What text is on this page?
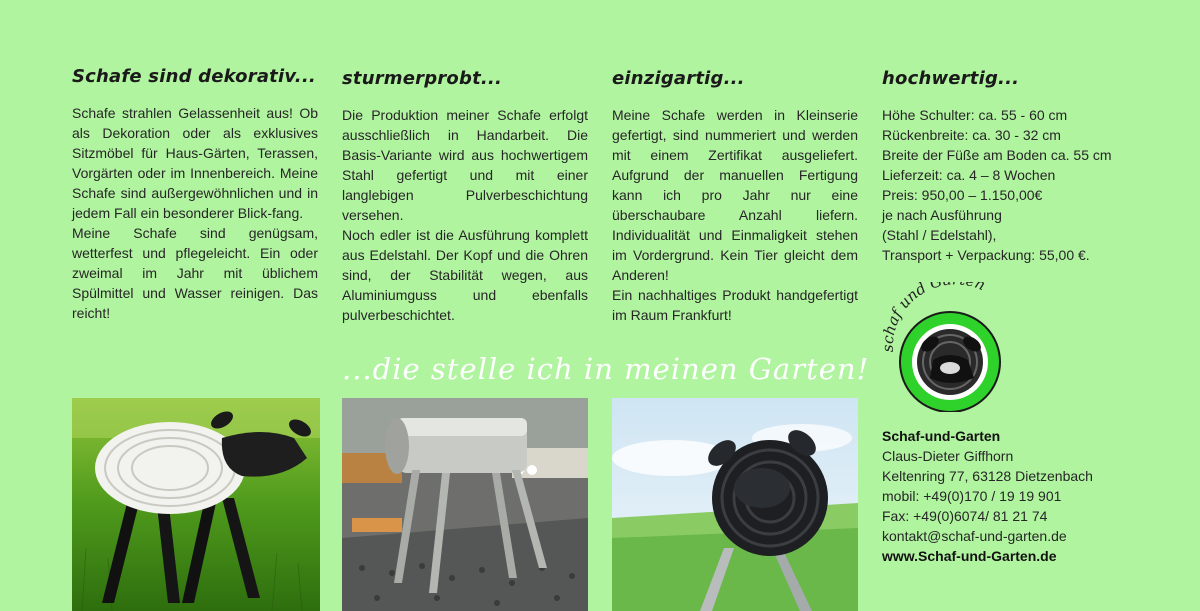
Schafe sind dekorativ...

Schafe strahlen Gelassenheit aus! Ob als Dekoration oder als exklusives Sitzmöbel für Haus-Gärten, Terassen, Vorgärten oder im Innenbereich. Meine Schafe sind außergewöhnlichen und in jedem Fall ein besonderer Blick-fang.
Meine Schafe sind genügsam, wetterfest und pflegeleicht. Ein oder zweimal im Jahr mit üblichem Spülmittel und Wasser reinigen. Das reicht!

sturmerprobt...

Die Produktion meiner Schafe erfolgt ausschließlich in Handarbeit. Die Basis-Variante wird aus hochwertigem Stahl gefertigt und mit einer langlebigen Pulverbeschichtung versehen.
Noch edler ist die Ausführung komplett aus Edelstahl. Der Kopf und die Ohren sind, der Stabilität wegen, aus Aluminiumguss und ebenfalls pulverbeschichtet.

einzigartig...

Meine Schafe werden in Kleinserie gefertigt, sind nummeriert und werden mit einem Zertifikat ausgeliefert. Aufgrund der manuellen Fertigung kann ich pro Jahr nur eine überschaubare Anzahl liefern. Individualität und Einmaligkeit stehen im Vordergrund. Kein Tier gleicht dem Anderen!
Ein nachhaltiges Produkt handgefertigt im Raum Frankfurt!

hochwertig...

Höhe Schulter: ca. 55 - 60 cm
Rückenbreite: ca. 30 - 32 cm
Breite der Füße am Boden ca. 55 cm
Lieferzeit: ca. 4 – 8 Wochen
Preis: 950,00 – 1.150,00€
je nach Ausführung
(Stahl / Edelstahl),
Transport + Verpackung: 55,00 €.

...die stelle ich in meinen Garten!
schaf und G n
Schaf-und-Garten
Claus-Dieter Giffhorn
Keltenring 77, 63128 Dietzenbach
mobil: +49(0)170 / 19 19 901
Fax: +49(0)6074/ 81 21 74
kontakt@schaf-und-garten.de
www.Schaf-und-Garten.de
